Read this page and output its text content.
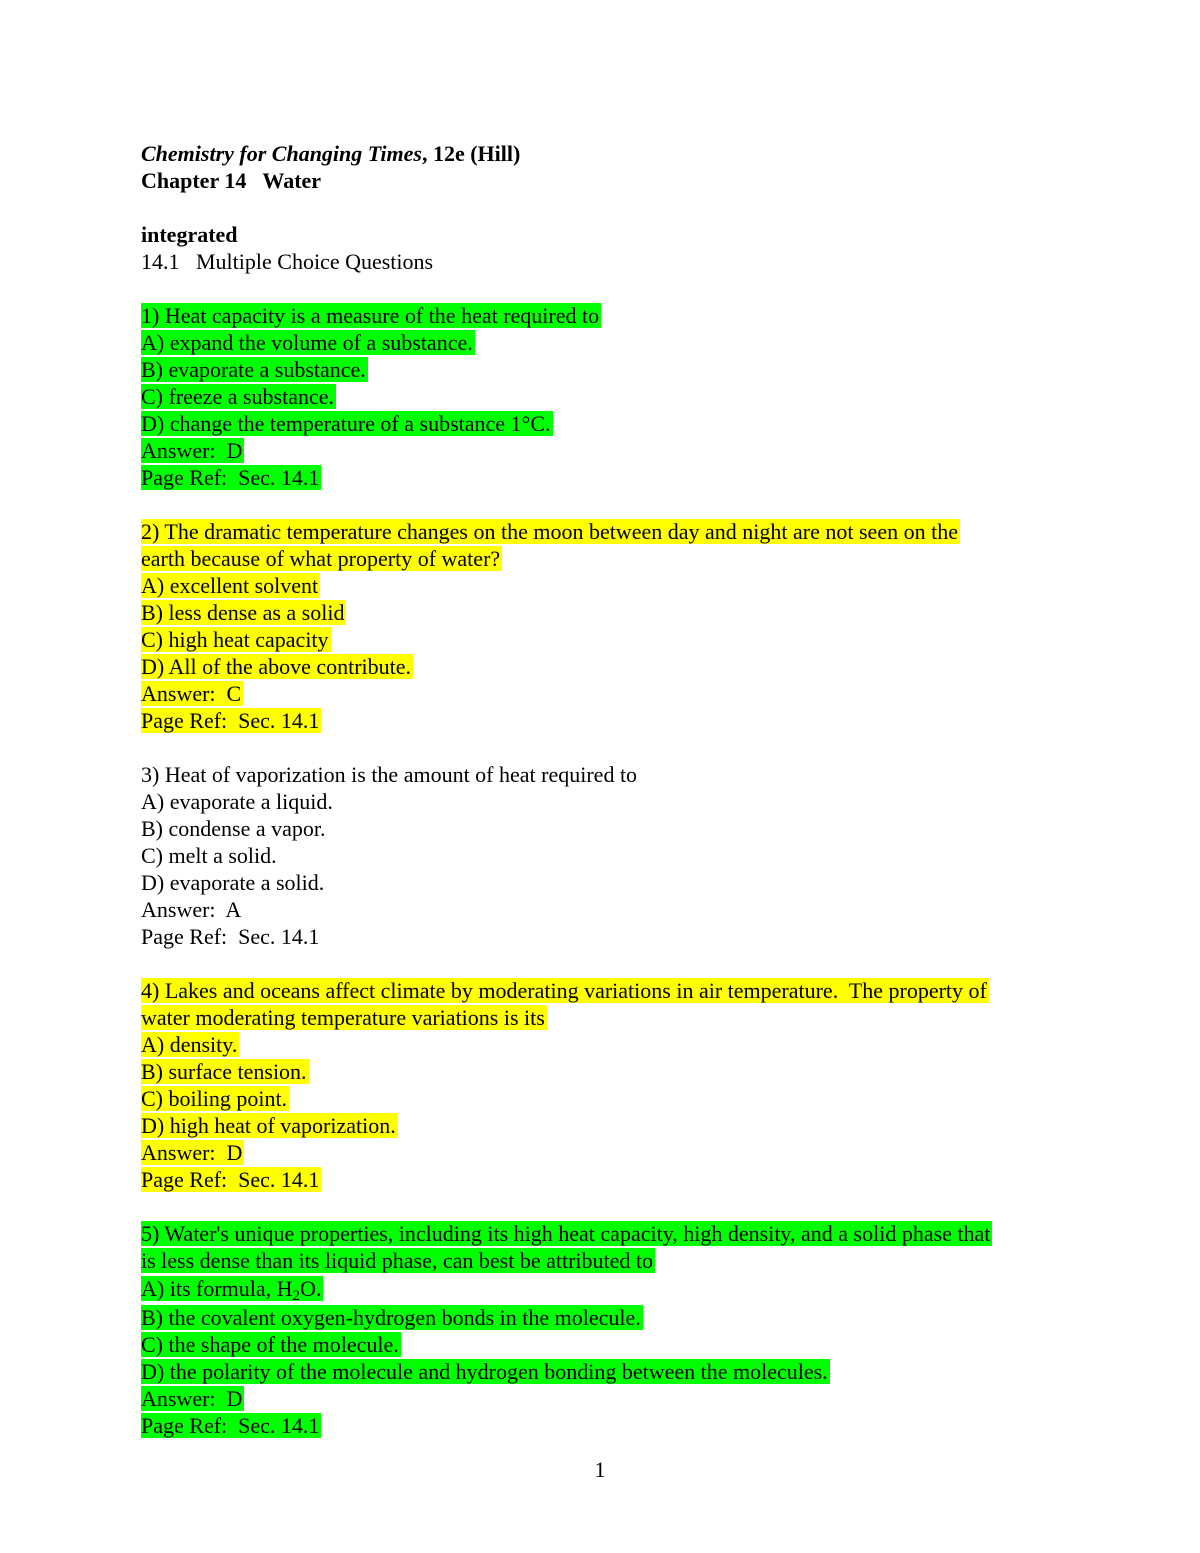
Chemistry for Changing Times, 12e (Hill)
Chapter 14   Water
integrated
14.1   Multiple Choice Questions
1) Heat capacity is a measure of the heat required to
A) expand the volume of a substance.
B) evaporate a substance.
C) freeze a substance.
D) change the temperature of a substance 1°C.
Answer:  D
Page Ref:  Sec. 14.1
2) The dramatic temperature changes on the moon between day and night are not seen on the
earth because of what property of water?
A) excellent solvent
B) less dense as a solid
C) high heat capacity
D) All of the above contribute.
Answer:  C
Page Ref:  Sec. 14.1
3) Heat of vaporization is the amount of heat required to
A) evaporate a liquid.
B) condense a vapor.
C) melt a solid.
D) evaporate a solid.
Answer:  A
Page Ref:  Sec. 14.1
4) Lakes and oceans affect climate by moderating variations in air temperature.  The property of
water moderating temperature variations is its
A) density.
B) surface tension.
C) boiling point.
D) high heat of vaporization.
Answer:  D
Page Ref:  Sec. 14.1
5) Water's unique properties, including its high heat capacity, high density, and a solid phase that
is less dense than its liquid phase, can best be attributed to
A) its formula, $H_2O$.
B) the covalent oxygen-hydrogen bonds in the molecule.
C) the shape of the molecule.
D) the polarity of the molecule and hydrogen bonding between the molecules.
Answer:  D
Page Ref:  Sec. 14.1
1
